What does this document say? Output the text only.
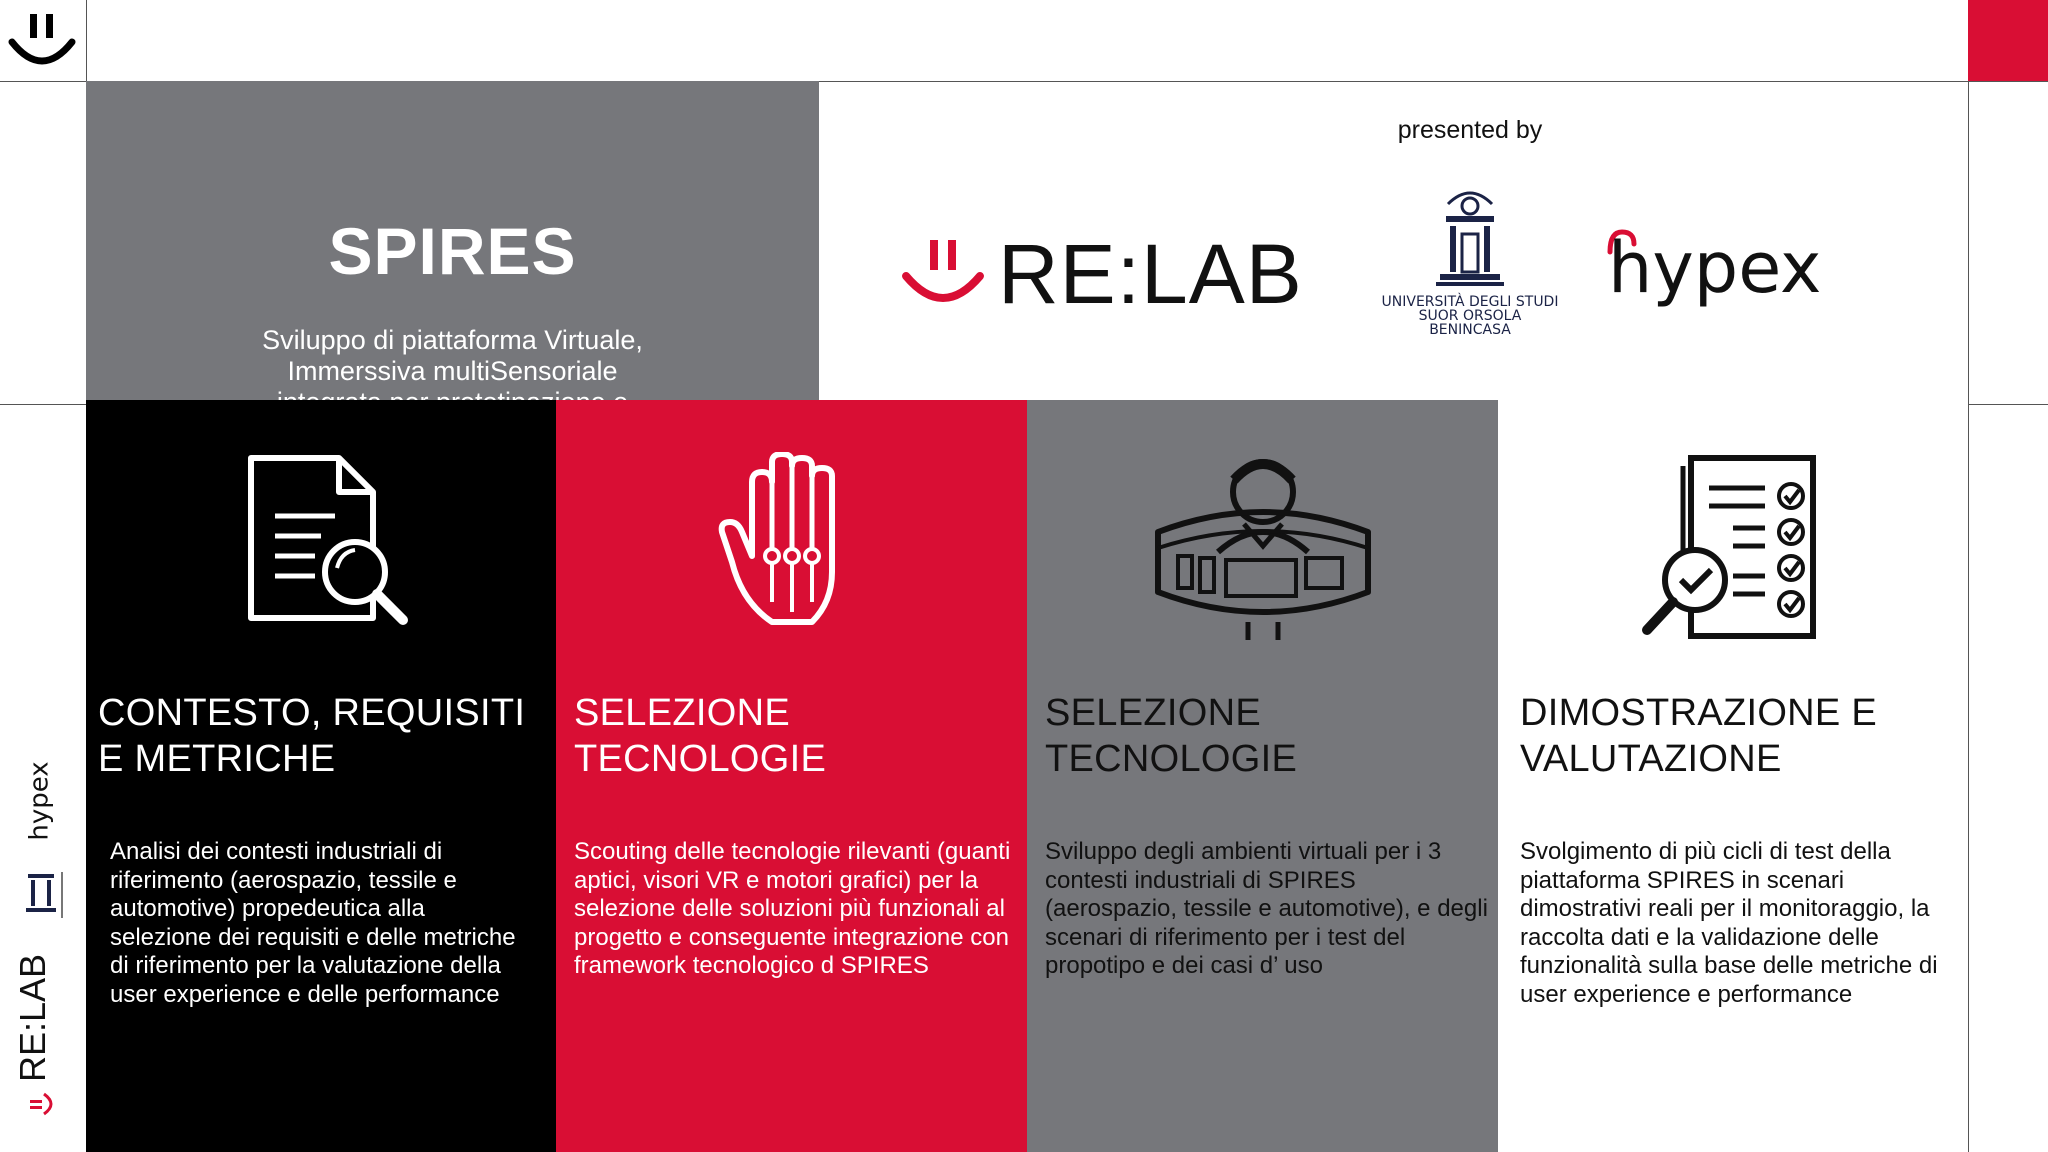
SPIRES

Sviluppo di piattaforma Virtuale, Immerssiva multiSensoriale

presented by
RE:LAB	UNIVERSITÀ DEGLI STUDI
SUOR ORSOLA
BENINCASA
hypex
CONTESTO, REQUISITI E METRICHE
Analisi dei contesti industriali di riferimento (aerospazio, tessile e automotive) propedeutica alla selezione dei requisiti e delle metriche di riferimento per la valutazione della user experience e delle performance
SELEZIONE TECNOLOGIE
Scouting delle tecnologie rilevanti (guanti aptici, visori VR e motori grafici) per la selezione delle soluzioni più funzionali al progetto e conseguente integrazione con framework tecnologico d SPIRES
SELEZIONE TECNOLOGIE
Sviluppo degli ambienti virtuali per i 3 contesti industriali di SPIRES (aerospazio, tessile e automotive), e degli scenari di riferimento per i test del propotipo e dei casi d’ uso
DIMOSTRAZIONE E VALUTAZIONE
Svolgimento di più cicli di test della piattaforma SPIRES in scenari dimostrativi reali per il monitoraggio, la raccolta dati e la validazione delle funzionalità sulla base delle metriche di user experience e performance
hypex
RE:LAB
